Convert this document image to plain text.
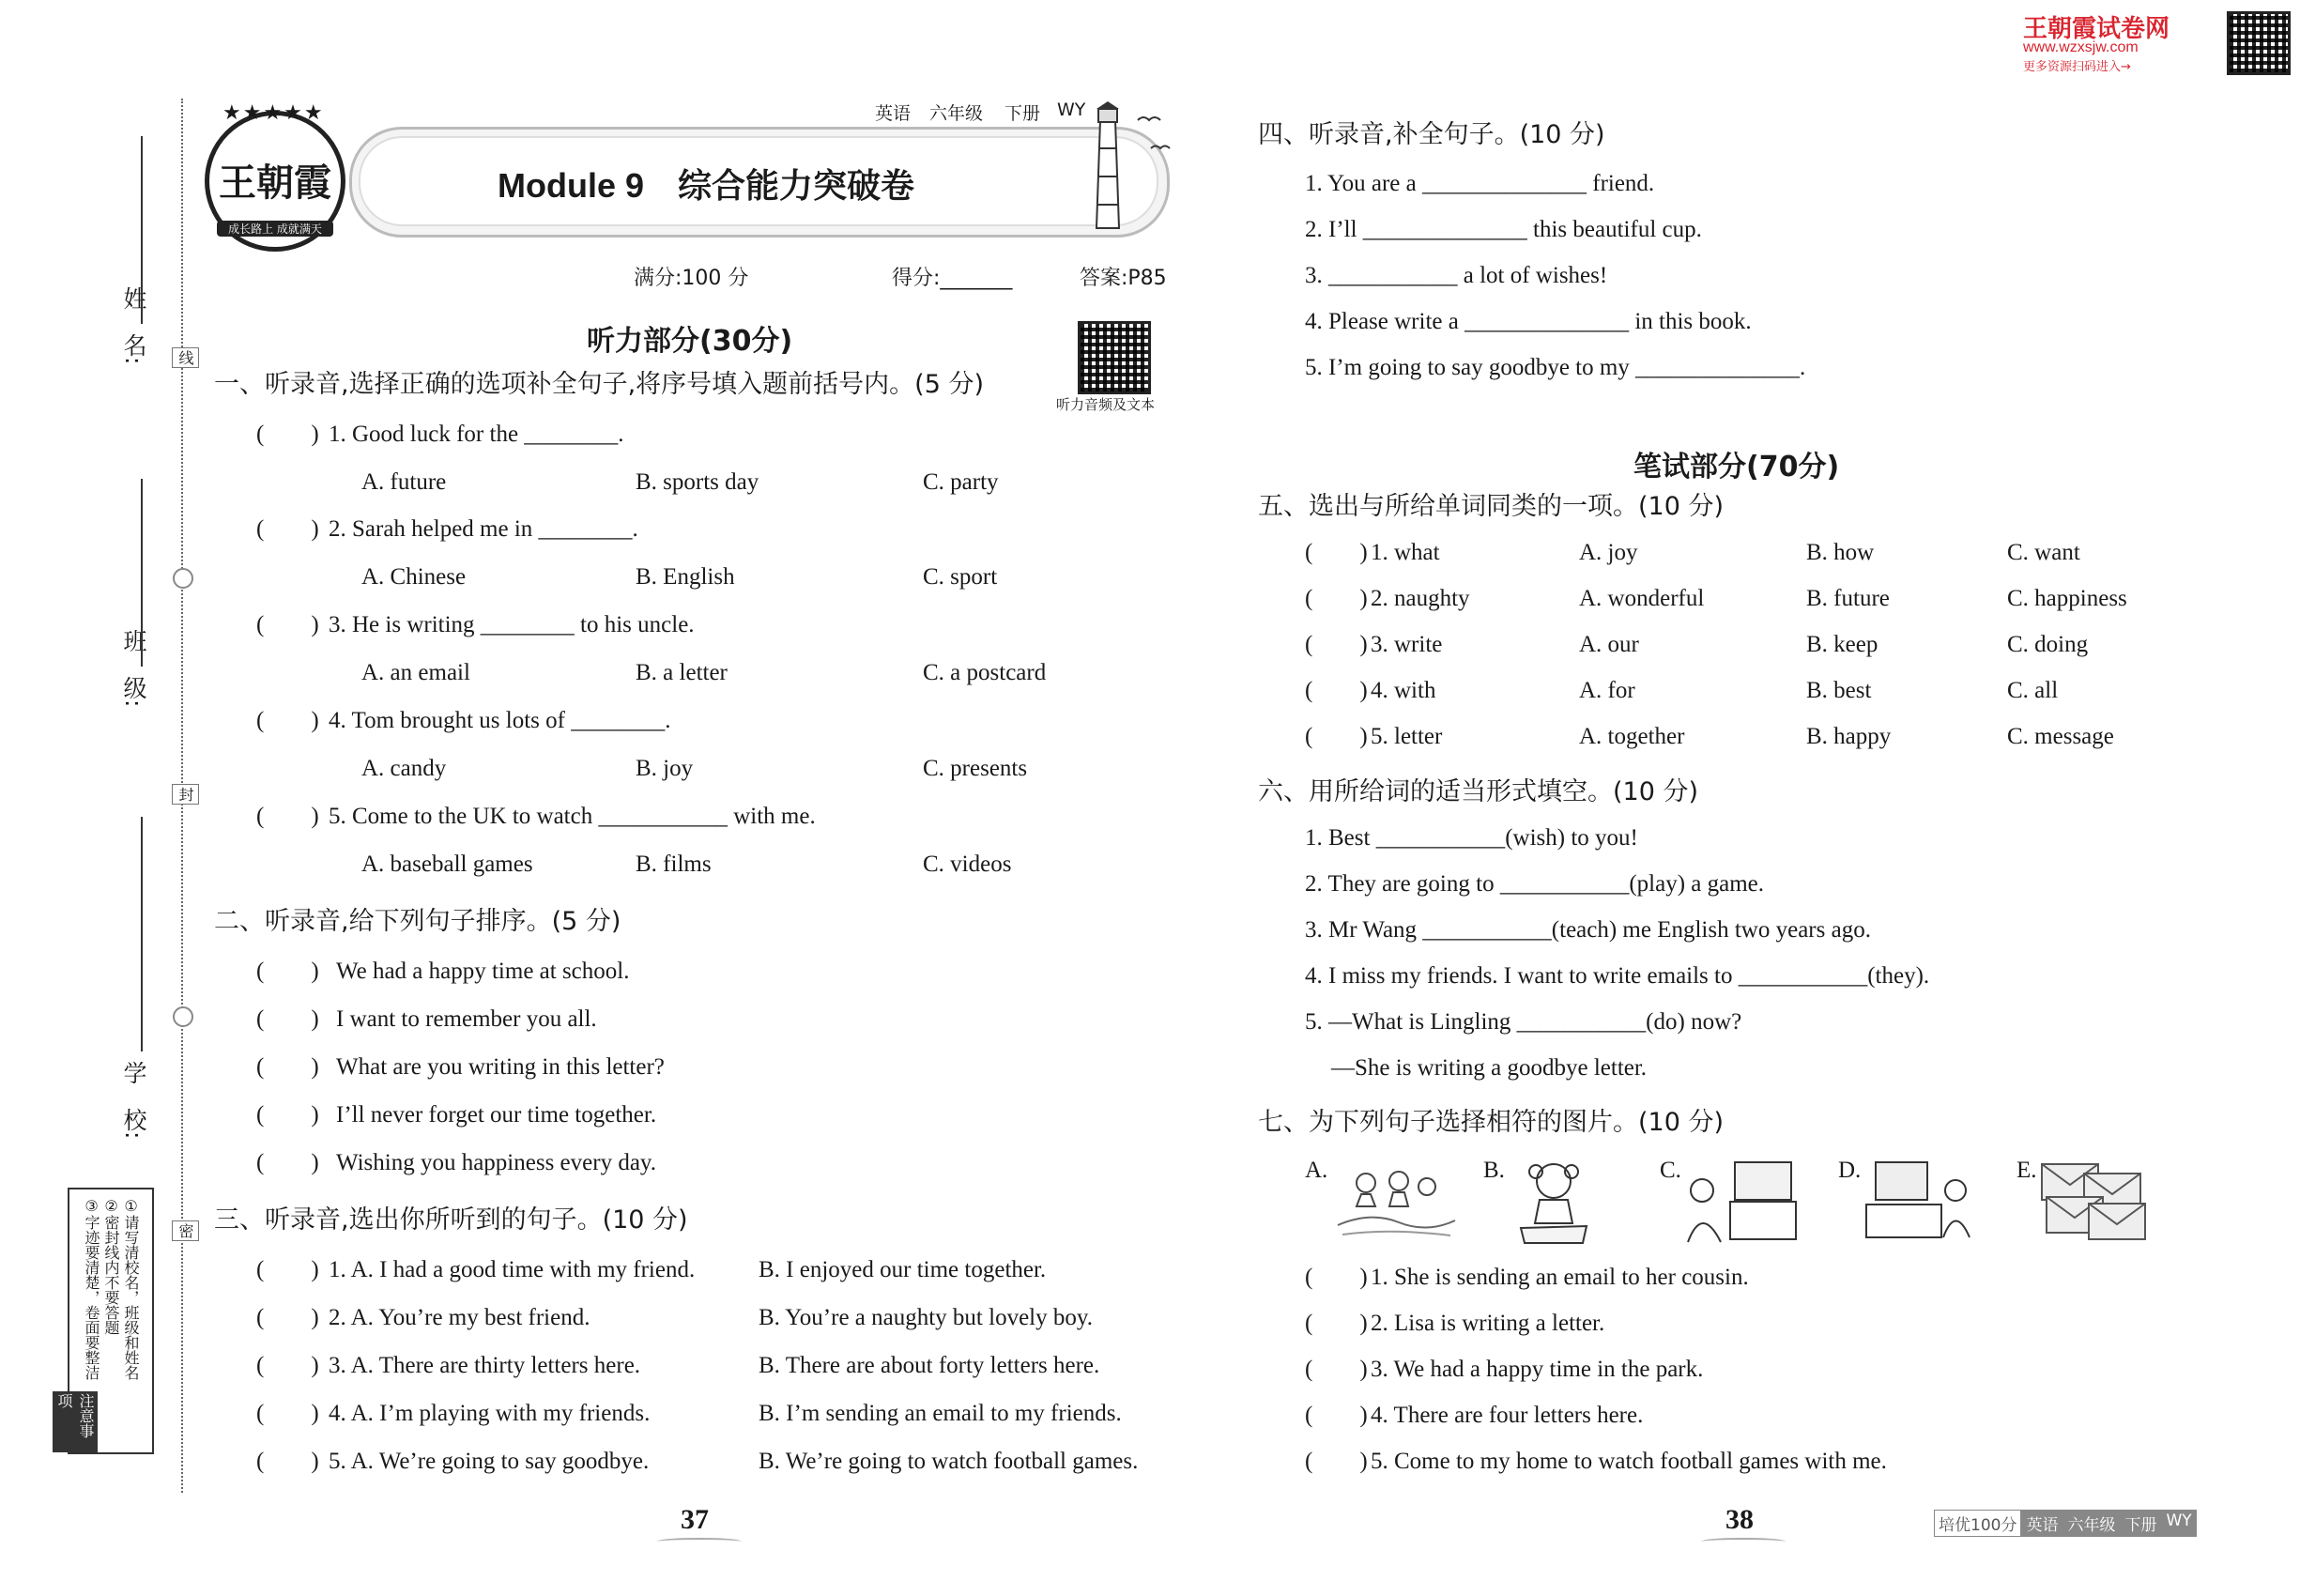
姓　名:
班　级:
学　校:
线
封
密
注意事项
①请写清校名，班级和姓名
②密封线内不要答题
③字迹要清楚，卷面要整洁
★★★★★
王朝霞
成长路上 成就满天
Module 9　综合能力突破卷
英语 六年级 下册 WY
满分:100 分	得分:_______	答案:P85
听力音频及文本
王朝霞试卷网
www.wzxsjw.com
更多资源扫码进入→
听力部分(30分)
一、听录音,选择正确的选项补全句子,将序号填入题前括号内。(5 分)
(　　) 1. Good luck for the ________.
A. future	B. sports day	C. party
(　　) 2. Sarah helped me in ________.
A. Chinese	B. English	C. sport
(　　) 3. He is writing ________ to his uncle.
A. an email	B. a letter	C. a postcard
(　　) 4. Tom brought us lots of ________.
A. candy	B. joy	C. presents
(　　) 5. Come to the UK to watch ___________ with me.
A. baseball games	B. films	C. videos
二、听录音,给下列句子排序。(5 分)
(　　) We had a happy time at school.
(　　) I want to remember you all.
(　　) What are you writing in this letter?
(　　) I’ll never forget our time together.
(　　) Wishing you happiness every day.
三、听录音,选出你所听到的句子。(10 分)
(　　) 1. A. I had a good time with my friend.	B. I enjoyed our time together.
(　　) 2. A. You’re my best friend.	B. You’re a naughty but lovely boy.
(　　) 3. A. There are thirty letters here.	B. There are about forty letters here.
(　　) 4. A. I’m playing with my friends.	B. I’m sending an email to my friends.
(　　) 5. A. We’re going to say goodbye.	B. We’re going to watch football games.
37
四、听录音,补全句子。(10 分)
1. You are a ______________ friend.
2. I’ll ______________ this beautiful cup.
3. ___________ a lot of wishes!
4. Please write a ______________ in this book.
5. I’m going to say goodbye to my ______________.
笔试部分(70分)
五、选出与所给单词同类的一项。(10 分)
(　　) 1. what	A. joy	B. how	C. want
(　　) 2. naughty	A. wonderful	B. future	C. happiness
(　　) 3. write	A. our	B. keep	C. doing
(　　) 4. with	A. for	B. best	C. all
(　　) 5. letter	A. together	B. happy	C. message
六、用所给词的适当形式填空。(10 分)
1. Best ___________(wish) to you!
2. They are going to ___________(play) a game.
3. Mr Wang ___________(teach) me English two years ago.
4. I miss my friends. I want to write emails to ___________(they).
5. —What is Lingling ___________(do) now?
—She is writing a goodbye letter.
七、为下列句子选择相符的图片。(10 分)
A.	B.	C.	D.	E.
(　　) 1. She is sending an email to her cousin.
(　　) 2. Lisa is writing a letter.
(　　) 3. We had a happy time in the park.
(　　) 4. There are four letters here.
(　　) 5. Come to my home to watch football games with me.
38	培优100分 英语 六年级 下册 WY
